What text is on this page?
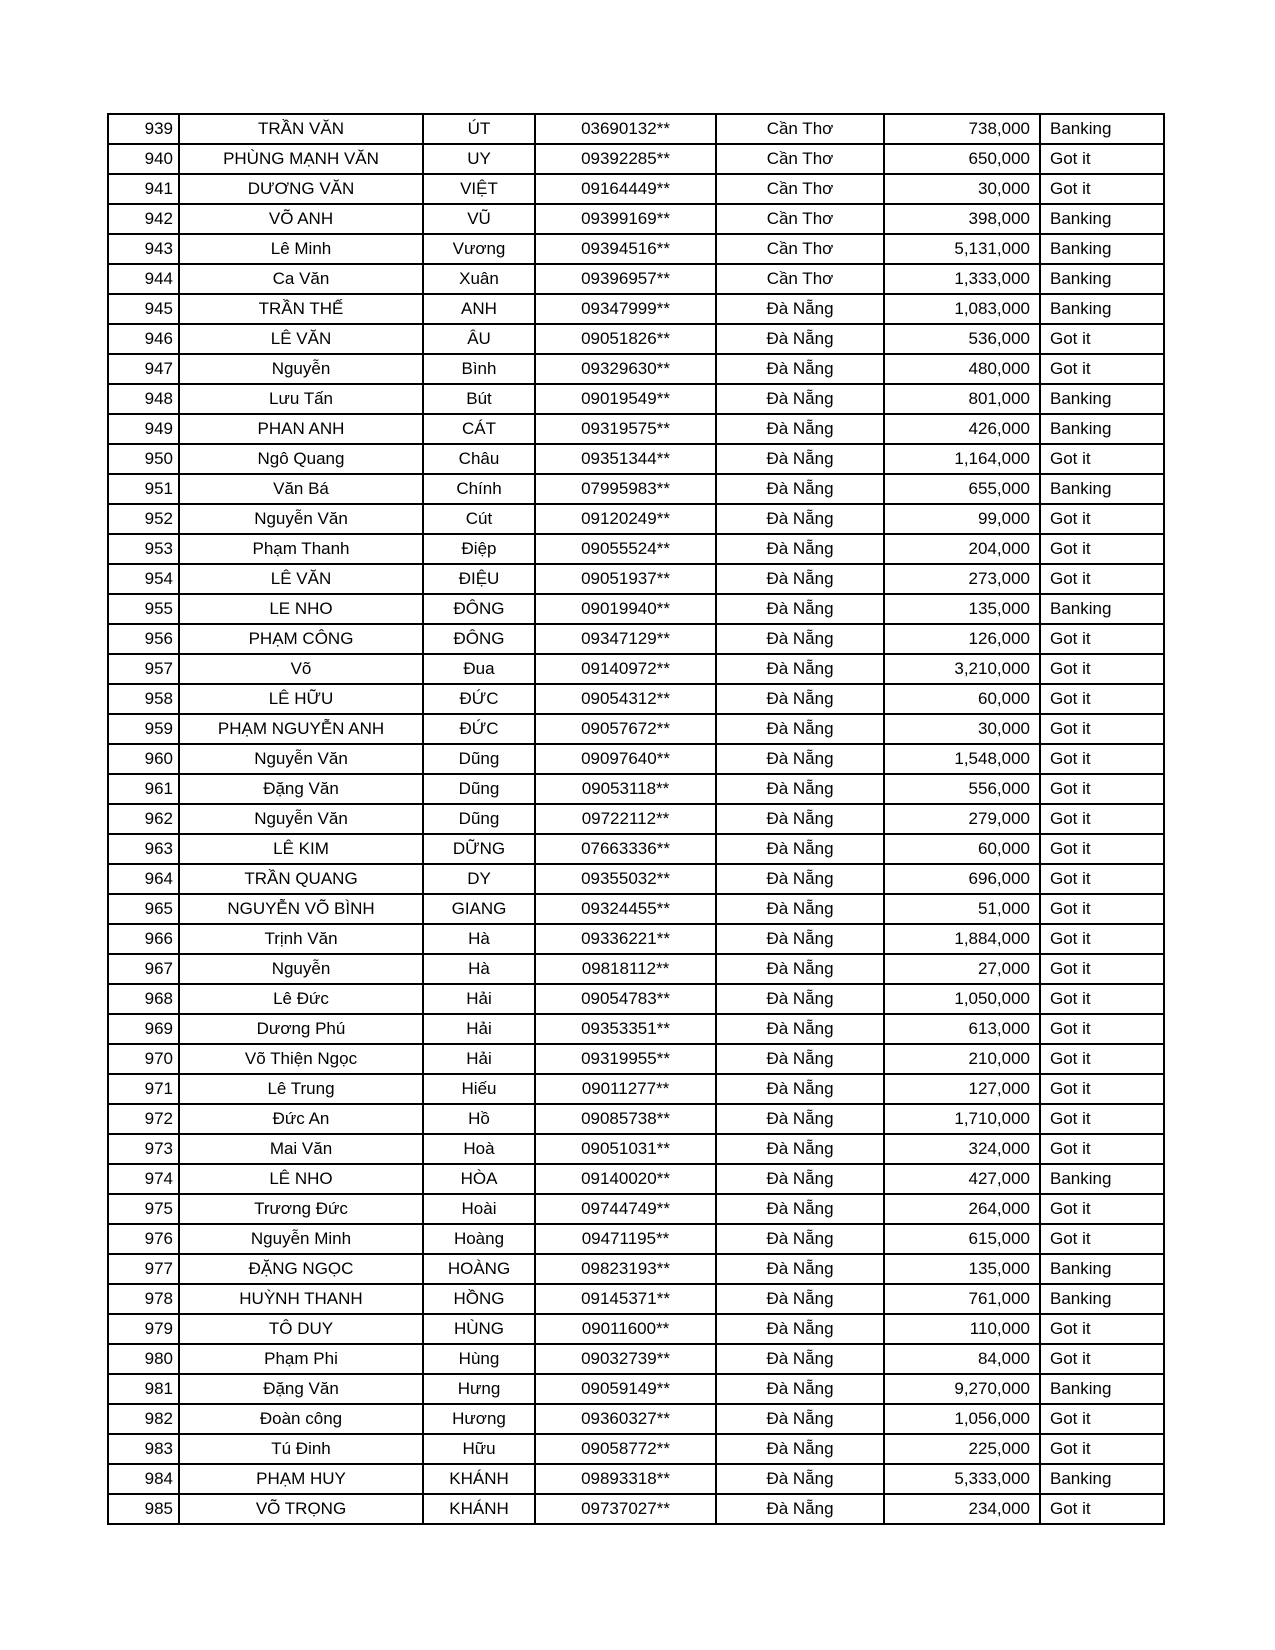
939	TRẦN VĂN	ÚT	03690132**	Cần Thơ	738,000	Banking
940	PHÙNG MẠNH VĂN	UY	09392285**	Cần Thơ	650,000	Got it
941	DƯƠNG VĂN	VIỆT	09164449**	Cần Thơ	30,000	Got it
942	VÕ ANH	VŨ	09399169**	Cần Thơ	398,000	Banking
943	Lê Minh	Vương	09394516**	Cần Thơ	5,131,000	Banking
944	Ca Văn	Xuân	09396957**	Cần Thơ	1,333,000	Banking
945	TRẦN THẾ	ANH	09347999**	Đà Nẵng	1,083,000	Banking
946	LÊ VĂN	ÂU	09051826**	Đà Nẵng	536,000	Got it
947	Nguyễn	Bình	09329630**	Đà Nẵng	480,000	Got it
948	Lưu Tấn	Bút	09019549**	Đà Nẵng	801,000	Banking
949	PHAN ANH	CÁT	09319575**	Đà Nẵng	426,000	Banking
950	Ngô Quang	Châu	09351344**	Đà Nẵng	1,164,000	Got it
951	Văn Bá	Chính	07995983**	Đà Nẵng	655,000	Banking
952	Nguyễn Văn	Cút	09120249**	Đà Nẵng	99,000	Got it
953	Phạm Thanh	Điệp	09055524**	Đà Nẵng	204,000	Got it
954	LÊ VĂN	ĐIỆU	09051937**	Đà Nẵng	273,000	Got it
955	LE NHO	ĐÔNG	09019940**	Đà Nẵng	135,000	Banking
956	PHẠM CÔNG	ĐÔNG	09347129**	Đà Nẵng	126,000	Got it
957	Võ	Đua	09140972**	Đà Nẵng	3,210,000	Got it
958	LÊ HỮU	ĐỨC	09054312**	Đà Nẵng	60,000	Got it
959	PHẠM NGUYỄN ANH	ĐỨC	09057672**	Đà Nẵng	30,000	Got it
960	Nguyễn Văn	Dũng	09097640**	Đà Nẵng	1,548,000	Got it
961	Đặng Văn	Dũng	09053118**	Đà Nẵng	556,000	Got it
962	Nguyễn Văn	Dũng	09722112**	Đà Nẵng	279,000	Got it
963	LÊ KIM	DỮNG	07663336**	Đà Nẵng	60,000	Got it
964	TRẦN QUANG	DY	09355032**	Đà Nẵng	696,000	Got it
965	NGUYỄN VÕ BÌNH	GIANG	09324455**	Đà Nẵng	51,000	Got it
966	Trịnh Văn	Hà	09336221**	Đà Nẵng	1,884,000	Got it
967	Nguyễn	Hà	09818112**	Đà Nẵng	27,000	Got it
968	Lê Đức	Hải	09054783**	Đà Nẵng	1,050,000	Got it
969	Dương Phú	Hải	09353351**	Đà Nẵng	613,000	Got it
970	Võ Thiện Ngọc	Hải	09319955**	Đà Nẵng	210,000	Got it
971	Lê Trung	Hiếu	09011277**	Đà Nẵng	127,000	Got it
972	Đức An	Hồ	09085738**	Đà Nẵng	1,710,000	Got it
973	Mai Văn	Hoà	09051031**	Đà Nẵng	324,000	Got it
974	LÊ NHO	HÒA	09140020**	Đà Nẵng	427,000	Banking
975	Trương Đức	Hoài	09744749**	Đà Nẵng	264,000	Got it
976	Nguyễn Minh	Hoàng	09471195**	Đà Nẵng	615,000	Got it
977	ĐẶNG NGỌC	HOÀNG	09823193**	Đà Nẵng	135,000	Banking
978	HUỲNH THANH	HỒNG	09145371**	Đà Nẵng	761,000	Banking
979	TÔ DUY	HÙNG	09011600**	Đà Nẵng	110,000	Got it
980	Phạm Phi	Hùng	09032739**	Đà Nẵng	84,000	Got it
981	Đặng Văn	Hưng	09059149**	Đà Nẵng	9,270,000	Banking
982	Đoàn công	Hương	09360327**	Đà Nẵng	1,056,000	Got it
983	Tú Đinh	Hữu	09058772**	Đà Nẵng	225,000	Got it
984	PHẠM HUY	KHÁNH	09893318**	Đà Nẵng	5,333,000	Banking
985	VÕ TRỌNG	KHÁNH	09737027**	Đà Nẵng	234,000	Got it
